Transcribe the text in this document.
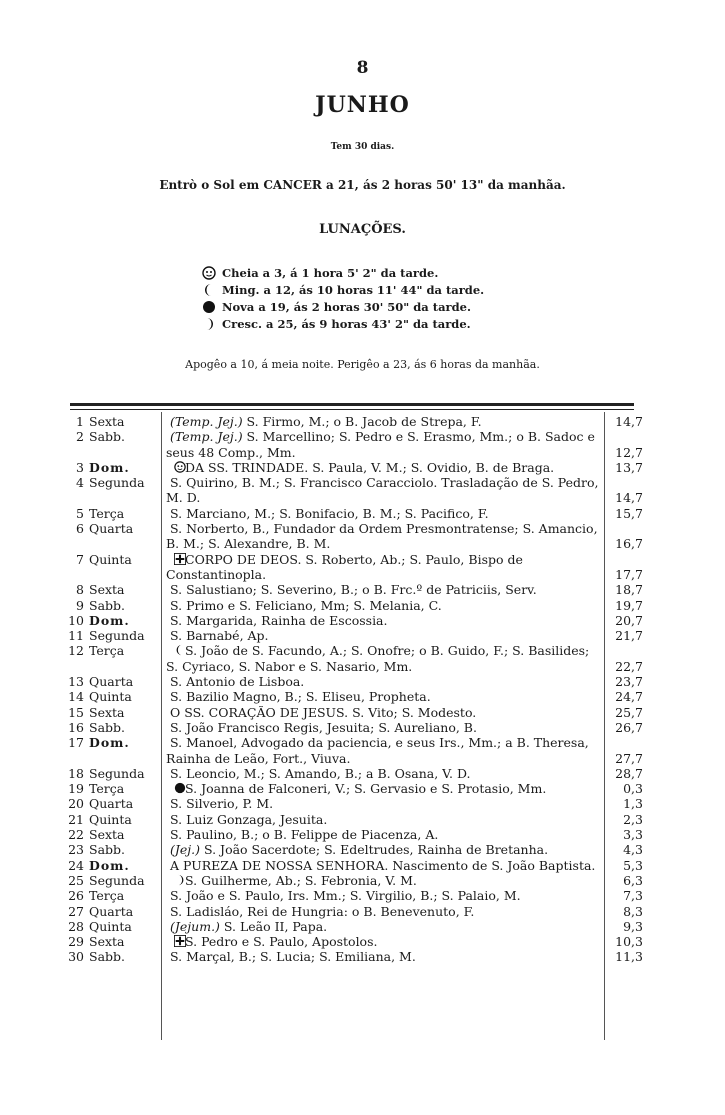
8
JUNHO
Tem 30 dias.
Entrò o Sol em CANCER a 21, ás 2 horas 50' 13" da manhãa.
LUNAÇÕES.
Cheia a 3, á 1 hora 5' 2" da tarde.
Ming. a 12, ás 10 horas 11' 44" da tarde.
Nova a 19, ás 2 horas 30' 50" da tarde.
Cresc. a 25, ás 9 horas 43' 2" da tarde.
Apogêo a 10, á meia noite. Perigêo a 23, ás 6 horas da manhãa.
1 Sexta	(Temp. Jej.) S. Firmo, M.; o B. Jacob de Strepa, F.	14,7
2 Sabb.	(Temp. Jej.) S. Marcellino; S. Pedro e S. Erasmo, Mm.; o B. Sadoc e seus 48 Comp., Mm.	12,7
3 Dom.	DA SS. TRINDADE. S. Paula, V. M.; S. Ovidio, B. de Braga.	13,7
4 Segunda	S. Quirino, B. M.; S. Francisco Caracciolo. Trasladação de S. Pedro, M. D.	14,7
5 Terça	S. Marciano, M.; S. Bonifacio, B. M.; S. Pacifico, F.	15,7
6 Quarta	S. Norberto, B., Fundador da Ordem Presmontratense; S. Amancio, B. M.; S. Alexandre, B. M.	16,7
7 Quinta	CORPO DE DEOS. S. Roberto, Ab.; S. Paulo, Bispo de Constantinopla.	17,7
8 Sexta	S. Salustiano; S. Severino, B.; o B. Frc.º de Patriciis, Serv.	18,7
9 Sabb.	S. Primo e S. Feliciano, Mm; S. Melania, C.	19,7
10 Dom.	S. Margarida, Rainha de Escossia.	20,7
11 Segunda	S. Barnabé, Ap.	21,7
12 Terça	S. João de S. Facundo, A.; S. Onofre; o B. Guido, F.; S. Basilides; S. Cyriaco, S. Nabor e S. Nasario, Mm.	22,7
13 Quarta	S. Antonio de Lisboa.	23,7
14 Quinta	S. Bazilio Magno, B.; S. Eliseu, Propheta.	24,7
15 Sexta	O SS. CORAÇÃO DE JESUS. S. Vito; S. Modesto.	25,7
16 Sabb.	S. João Francisco Regis, Jesuita; S. Aureliano, B.	26,7
17 Dom.	S. Manoel, Advogado da paciencia, e seus Irs., Mm.; a B. Theresa, Rainha de Leão, Fort., Viuva.	27,7
18 Segunda	S. Leoncio, M.; S. Amando, B.; a B. Osana, V. D.	28,7
19 Terça	S. Joanna de Falconeri, V.; S. Gervasio e S. Protasio, Mm.	0,3
20 Quarta	S. Silverio, P. M.	1,3
21 Quinta	S. Luiz Gonzaga, Jesuita.	2,3
22 Sexta	S. Paulino, B.; o B. Felippe de Piacenza, A.	3,3
23 Sabb.	(Jej.) S. João Sacerdote; S. Edeltrudes, Rainha de Bretanha.	4,3
24 Dom.	A PUREZA DE NOSSA SENHORA. Nascimento de S. João Baptista.	5,3
25 Segunda	S. Guilherme, Ab.; S. Febronia, V. M.	6,3
26 Terça	S. João e S. Paulo, Irs. Mm.; S. Virgilio, B.; S. Palaio, M.	7,3
27 Quarta	S. Ladisláo, Rei de Hungria: o B. Benevenuto, F.	8,3
28 Quinta	(Jejum.) S. Leão II, Papa.	9,3
29 Sexta	S. Pedro e S. Paulo, Apostolos.	10,3
30 Sabb.	S. Marçal, B.; S. Lucia; S. Emiliana, M.	11,3
